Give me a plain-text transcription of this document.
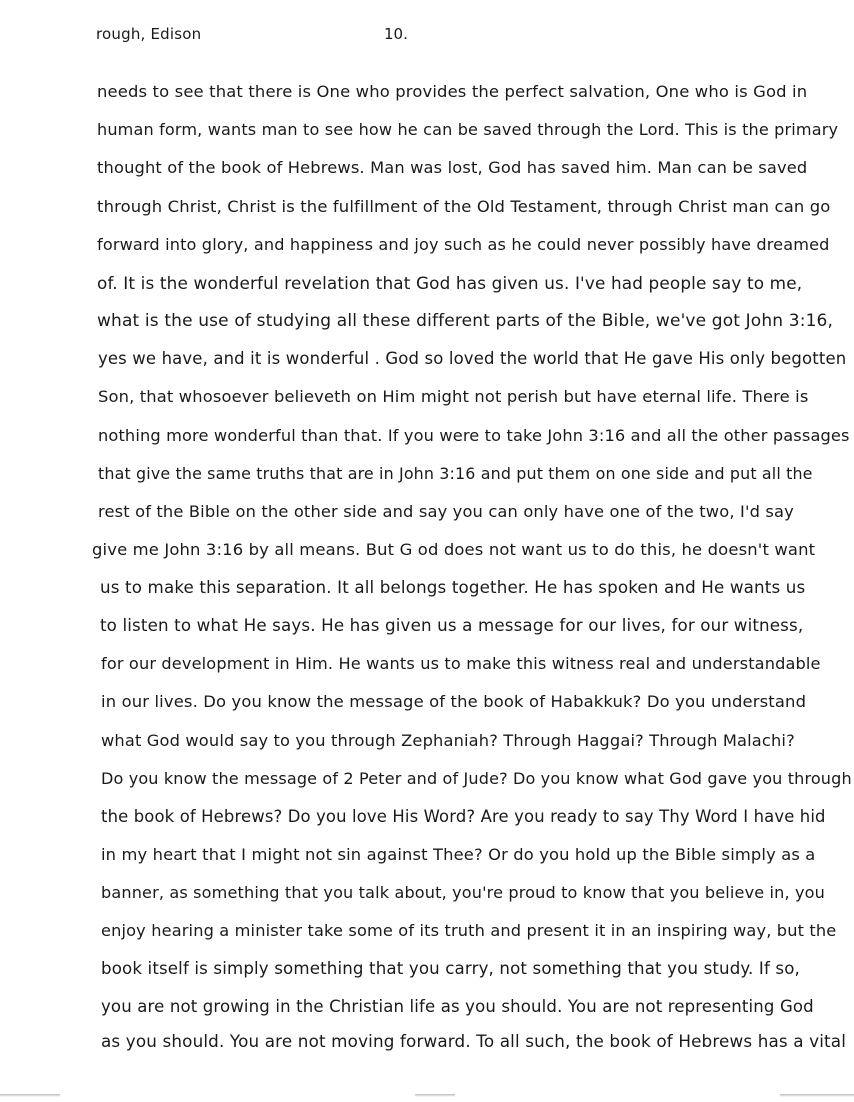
rough, Edison	10.
needs to see that there is One who provides the perfect salvation, One who is God in
human form, wants man to see how he can be saved through the Lord. This is the primary
thought of the book of Hebrews. Man was lost, God has saved him. Man can be saved
through Christ, Christ is the fulfillment of the Old Testament, through Christ man can go
forward into glory, and happiness and joy such as he could never possibly have dreamed
of. It is the wonderful revelation that God has given us. I've had people say to me,
what is the use of studying all these different parts of the Bible, we've got John 3:16,
yes we have, and it is wonderful . God so loved the world that He gave His only begotten
Son, that whosoever believeth on Him might not perish but have eternal life. There is
nothing more wonderful than that. If you were to take John 3:16 and all the other passages
that give the same truths that are in John 3:16 and put them on one side and put all the
rest of the Bible on the other side and say you can only have one of the two, I'd say
give me John 3:16 by all means. But G od does not want us to do this, he doesn't want
us to make this separation. It all belongs together. He has spoken and He wants us
to listen to what He says. He has given us a message for our lives, for our witness,
for our development in Him. He wants us to make this witness real and understandable
in our lives. Do you know the message of the book of Habakkuk? Do you understand
what God would say to you through Zephaniah? Through Haggai? Through Malachi?
Do you know the message of 2 Peter and of Jude? Do you know what God gave you through
the book of Hebrews? Do you love His Word? Are you ready to say Thy Word I have hid
in my heart that I might not sin against Thee? Or do you hold up the Bible simply as a
banner, as something that you talk about, you're proud to know that you believe in, you
enjoy hearing a minister take some of its truth and present it in an inspiring way, but the
book itself is simply something that you carry, not something that you study. If so,
you are not growing in the Christian life as you should. You are not representing God
as you should. You are not moving forward. To all such, the book of Hebrews has a vital
